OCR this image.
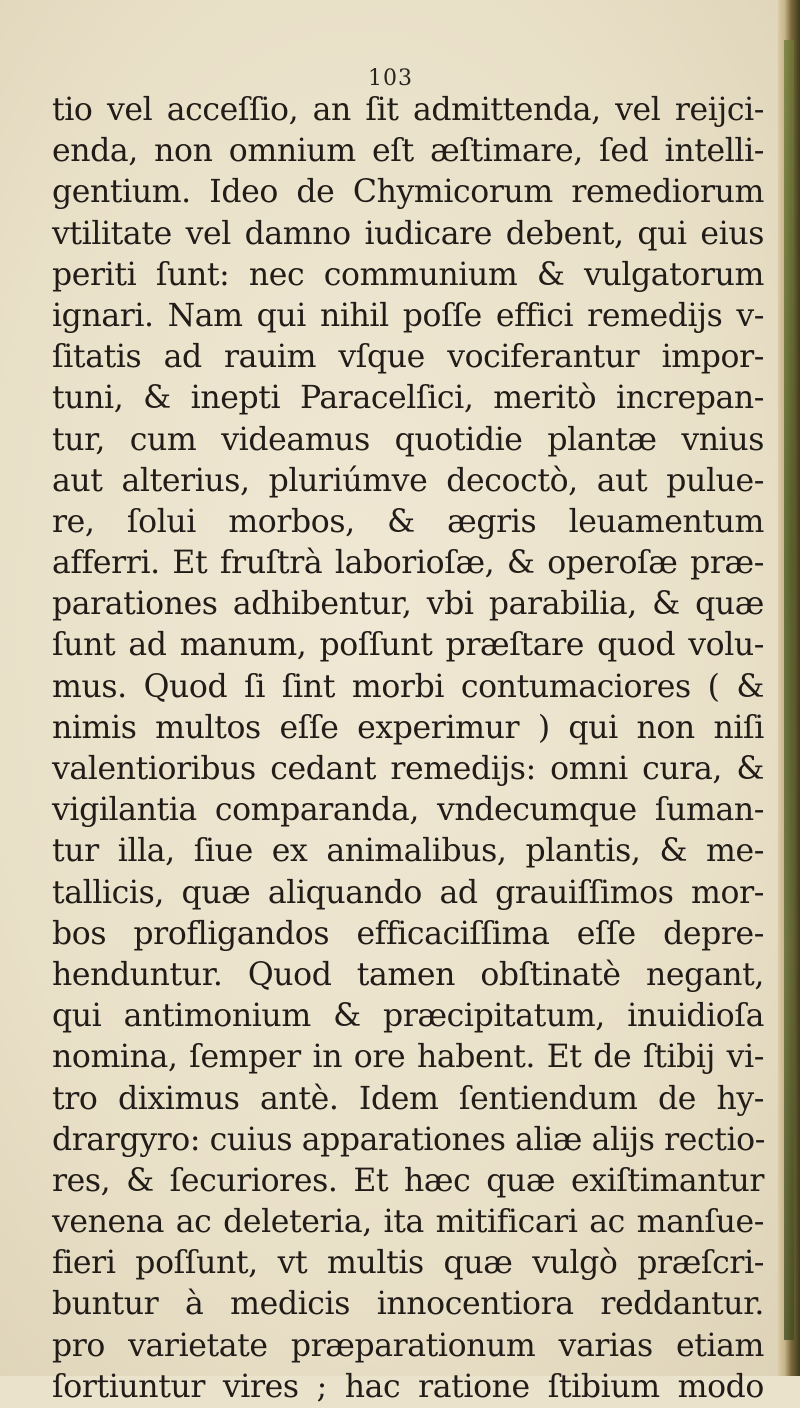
103
tio vel acceſſio, an ſit admittenda, vel reijci-
enda, non omnium eſt æſtimare, ſed intelli-
gentium. Ideo de Chymicorum remediorum
vtilitate vel damno iudicare debent, qui eius
periti ſunt: nec communium & vulgatorum
ignari. Nam qui nihil poſſe effici remedijs v-
ſitatis ad rauim vſque vociferantur impor-
tuni, & inepti Paracelſici, meritò increpan-
tur, cum videamus quotidie plantæ vnius
aut alterius, pluriúmve decoctò, aut pulue-
re, ſolui morbos, & ægris leuamentum
afferri. Et fruſtrà laborioſæ, & operoſæ præ-
parationes adhibentur, vbi parabilia, & quæ
ſunt ad manum, poſſunt præſtare quod volu-
mus. Quod ſi ſint morbi contumaciores ( &
nimis multos eſſe experimur ) qui non niſi
valentioribus cedant remedijs: omni cura, &
vigilantia comparanda, vndecumque ſuman-
tur illa, ſiue ex animalibus, plantis, & me-
tallicis, quæ aliquando ad grauiſſimos mor-
bos profligandos efficaciſſima eſſe depre-
henduntur. Quod tamen obſtinatè negant,
qui antimonium & præcipitatum, inuidioſa
nomina, ſemper in ore habent. Et de ſtibij vi-
tro diximus antè. Idem ſentiendum de hy-
drargyro: cuius apparationes aliæ alijs rectio-
res, & ſecuriores. Et hæc quæ exiſtimantur
venena ac deleteria, ita mitificari ac manſue-
fieri poſſunt, vt multis quæ vulgò præſcri-
buntur à medicis innocentiora reddantur.
pro varietate præparationum varias etiam
ſortiuntur vires ; hac ratione ſtibium modo
